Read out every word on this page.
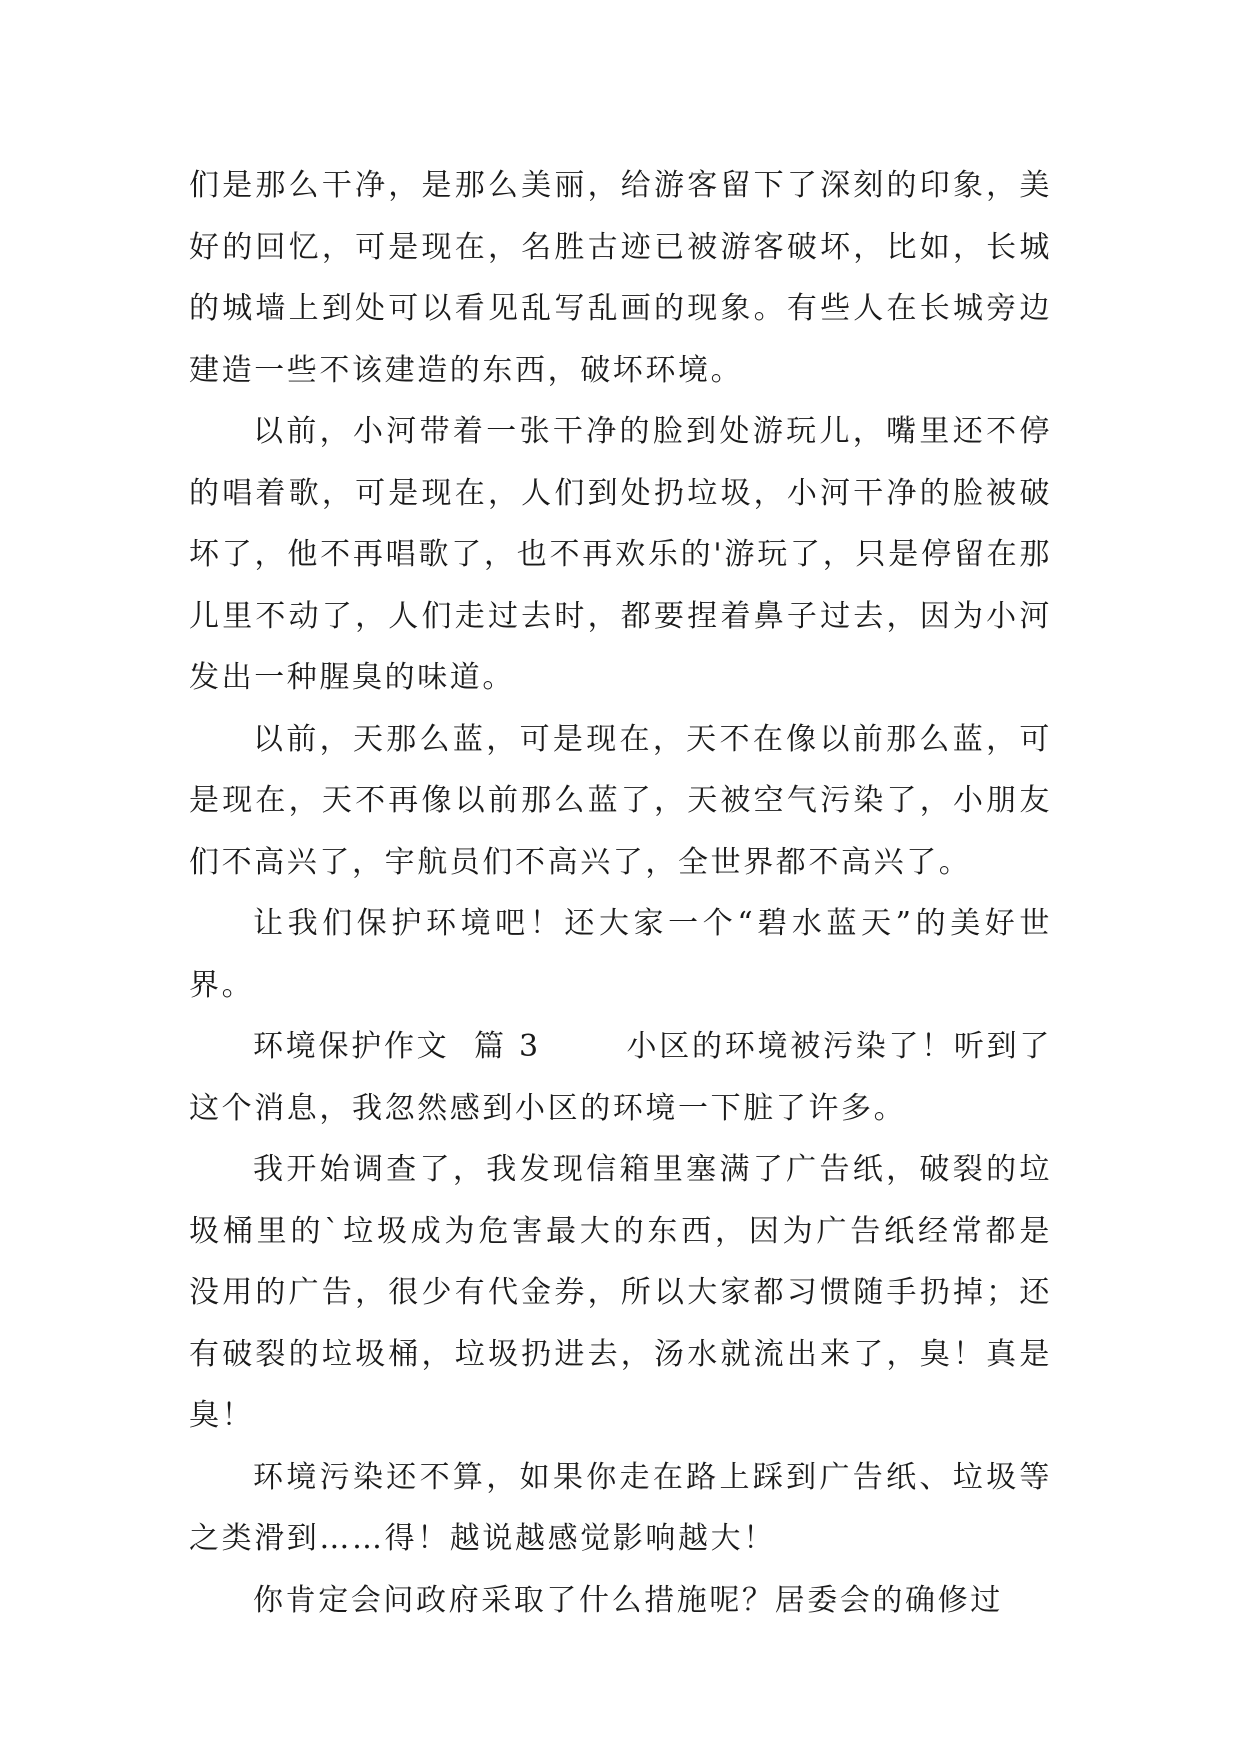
们是那么干净，是那么美丽，给游客留下了深刻的印象，美好的回忆，可是现在，名胜古迹已被游客破坏，比如，长城的城墙上到处可以看见乱写乱画的现象。有些人在长城旁边建造一些不该建造的东西，破坏环境。

以前，小河带着一张干净的脸到处游玩儿，嘴里还不停的唱着歌，可是现在，人们到处扔垃圾，小河干净的脸被破坏了，他不再唱歌了，也不再欢乐的'游玩了，只是停留在那儿里不动了，人们走过去时，都要捏着鼻子过去，因为小河发出一种腥臭的味道。

以前，天那么蓝，可是现在，天不在像以前那么蓝，可是现在，天不再像以前那么蓝了，天被空气污染了，小朋友们不高兴了，宇航员们不高兴了，全世界都不高兴了。

让我们保护环境吧！还大家一个“碧水蓝天”的美好世界。

环境保护作文  篇 3       小区的环境被污染了！听到了这个消息，我忽然感到小区的环境一下脏了许多。

我开始调查了，我发现信箱里塞满了广告纸，破裂的垃圾桶里的`垃圾成为危害最大的东西，因为广告纸经常都是没用的广告，很少有代金券，所以大家都习惯随手扔掉；还有破裂的垃圾桶，垃圾扔进去，汤水就流出来了，臭！真是臭！

环境污染还不算，如果你走在路上踩到广告纸、垃圾等之类滑到……得！越说越感觉影响越大！

你肯定会问政府采取了什么措施呢？居委会的确修过
